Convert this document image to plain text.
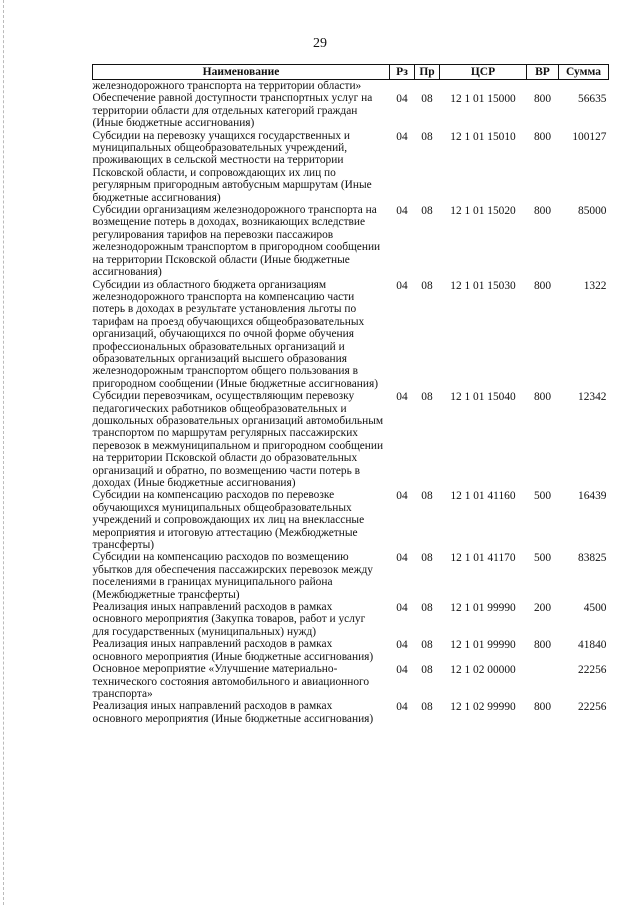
29
Наименование	Рз	Пр	ЦСР	ВР	Сумма
железнодорожного транспорта на территории области»					
Обеспечение равной доступности транспортных услуг на территории области для отдельных категорий граждан (Иные бюджетные ассигнования)	04	08	12 1 01 15000	800	56635
Субсидии на перевозку учащихся государственных и муниципальных общеобразовательных учреждений, проживающих в сельской местности на территории Псковской области, и сопровождающих их лиц по регулярным пригородным автобусным маршрутам (Иные бюджетные ассигнования)	04	08	12 1 01 15010	800	100127
Субсидии организациям железнодорожного транспорта на возмещение потерь в доходах, возникающих вследствие регулирования тарифов на перевозки пассажиров железнодорожным транспортом в пригородном сообщении на территории Псковской области (Иные бюджетные ассигнования)	04	08	12 1 01 15020	800	85000
Субсидии из областного бюджета организациям железнодорожного транспорта на компенсацию части потерь в доходах в результате установления льготы по тарифам на проезд обучающихся общеобразовательных организаций, обучающихся по очной форме обучения профессиональных образовательных организаций и образовательных организаций высшего образования железнодорожным транспортом общего пользования в пригородном сообщении (Иные бюджетные ассигнования)	04	08	12 1 01 15030	800	1322
Субсидии перевозчикам, осуществляющим перевозку педагогических работников общеобразовательных и дошкольных образовательных организаций автомобильным транспортом по маршрутам регулярных пассажирских перевозок в межмуниципальном и пригородном сообщении на территории Псковской области до образовательных организаций и обратно, по возмещению части потерь в доходах (Иные бюджетные ассигнования)	04	08	12 1 01 15040	800	12342
Субсидии на компенсацию расходов по перевозке обучающихся муниципальных общеобразовательных учреждений и сопровождающих их лиц на внеклассные мероприятия и итоговую аттестацию (Межбюджетные трансферты)	04	08	12 1 01 41160	500	16439
Субсидии на компенсацию расходов по возмещению убытков для обеспечения пассажирских перевозок между поселениями в границах муниципального района (Межбюджетные трансферты)	04	08	12 1 01 41170	500	83825
Реализация иных направлений расходов в рамках основного мероприятия (Закупка товаров, работ и услуг для государственных (муниципальных) нужд)	04	08	12 1 01 99990	200	4500
Реализация иных направлений расходов в рамках основного мероприятия (Иные бюджетные ассигнования)	04	08	12 1 01 99990	800	41840
Основное мероприятие «Улучшение материально-технического состояния автомобильного и авиационного транспорта»	04	08	12 1 02 00000		22256
Реализация иных направлений расходов в рамках основного мероприятия (Иные бюджетные ассигнования)	04	08	12 1 02 99990	800	22256
